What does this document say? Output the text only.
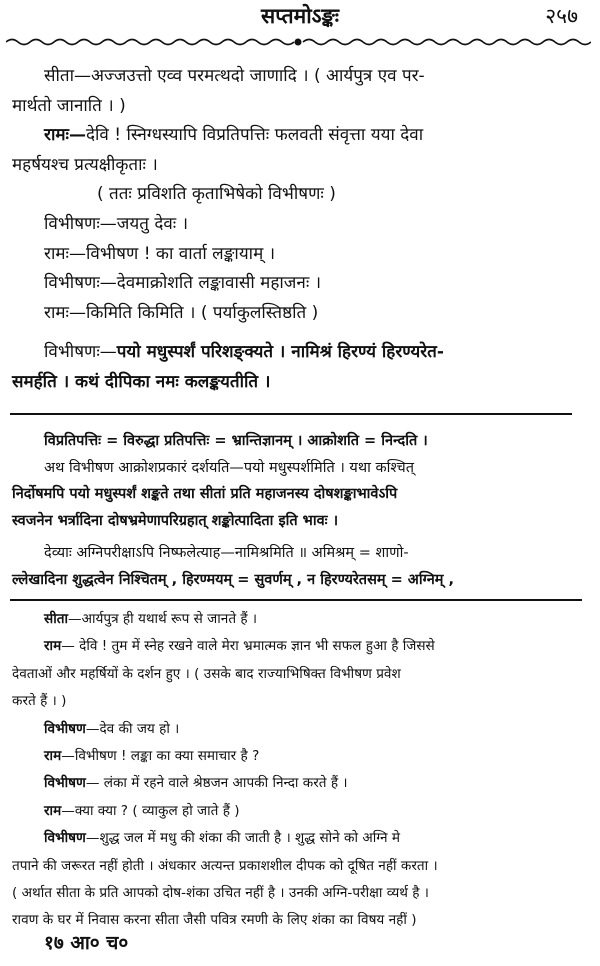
सप्तमोऽङ्कः	२५७

सीता—अज्जउत्तो एव्व परमत्थदो जाणादि । ( आर्यपुत्र एव पर-

मार्थतो जानाति । )

रामः—देवि ! स्निग्धस्यापि विप्रतिपत्तिः फलवती संवृत्ता यया देवा

महर्षयश्च प्रत्यक्षीकृताः ।

( ततः प्रविशति कृताभिषेको विभीषणः )

विभीषणः—जयतु देवः ।

रामः—विभीषण ! का वार्ता लङ्कायाम् ।

विभीषणः—देवमाक्रोशति लङ्कावासी महाजनः ।

रामः—किमिति किमिति । ( पर्याकुलस्तिष्ठति )

विभीषणः—पयो मधुस्पर्शं परिशङ्क्यते । नामिश्रं हिरण्यं हिरण्यरेत-

समर्हति । कथं दीपिका नमः कलङ्कयतीति ।

विप्रतिपत्तिः = विरुद्धा प्रतिपत्तिः = भ्रान्तिज्ञानम् । आक्रोशति = निन्दति ।

अथ विभीषण आक्रोशप्रकारं दर्शयति—पयो मधुस्पर्शमिति । यथा कश्चित्

निर्दोषमपि पयो मधुस्पर्शं शङ्कते तथा सीतां प्रति महाजनस्य दोषशङ्काभावेऽपि

स्वजनेन भर्त्रादिना दोषभ्रमेणापरिग्रहात् शङ्कोत्पादिता इति भावः ।

देव्याः अग्निपरीक्षाऽपि निष्फलेत्याह—नामिश्रमिति ॥ अमिश्रम् = शाणो-

ल्लेखादिना शुद्धत्वेन निश्चितम् , हिरण्मयम् = सुवर्णम् , न हिरण्यरेतसम् = अग्निम् ,

सीता—आर्यपुत्र ही यथार्थ रूप से जानते हैं ।

राम— देवि ! तुम में स्नेह रखने वाले मेरा भ्रमात्मक ज्ञान भी सफल हुआ है जिससे

देवताओं और महर्षियों के दर्शन हुए । ( उसके बाद राज्याभिषिक्त विभीषण प्रवेश

करते हैं । )

विभीषण—देव की जय हो ।

राम—विभीषण ! लङ्का का क्या समाचार है ?

विभीषण— लंका में रहने वाले श्रेष्ठजन आपकी निन्दा करते हैं ।

राम—क्या क्या ? ( व्याकुल हो जाते हैं )

विभीषण—शुद्ध जल में मधु की शंका की जाती है । शुद्ध सोने को अग्नि मे

तपाने की जरूरत नहीं होती । अंधकार अत्यन्त प्रकाशशील दीपक को दूषित नहीं करता ।

( अर्थात सीता के प्रति आपको दोष-शंका उचित नहीं है । उनकी अग्नि-परीक्षा व्यर्थ है ।

रावण के घर में निवास करना सीता जैसी पवित्र रमणी के लिए शंका का विषय नहीं )

१७ आ० च०
